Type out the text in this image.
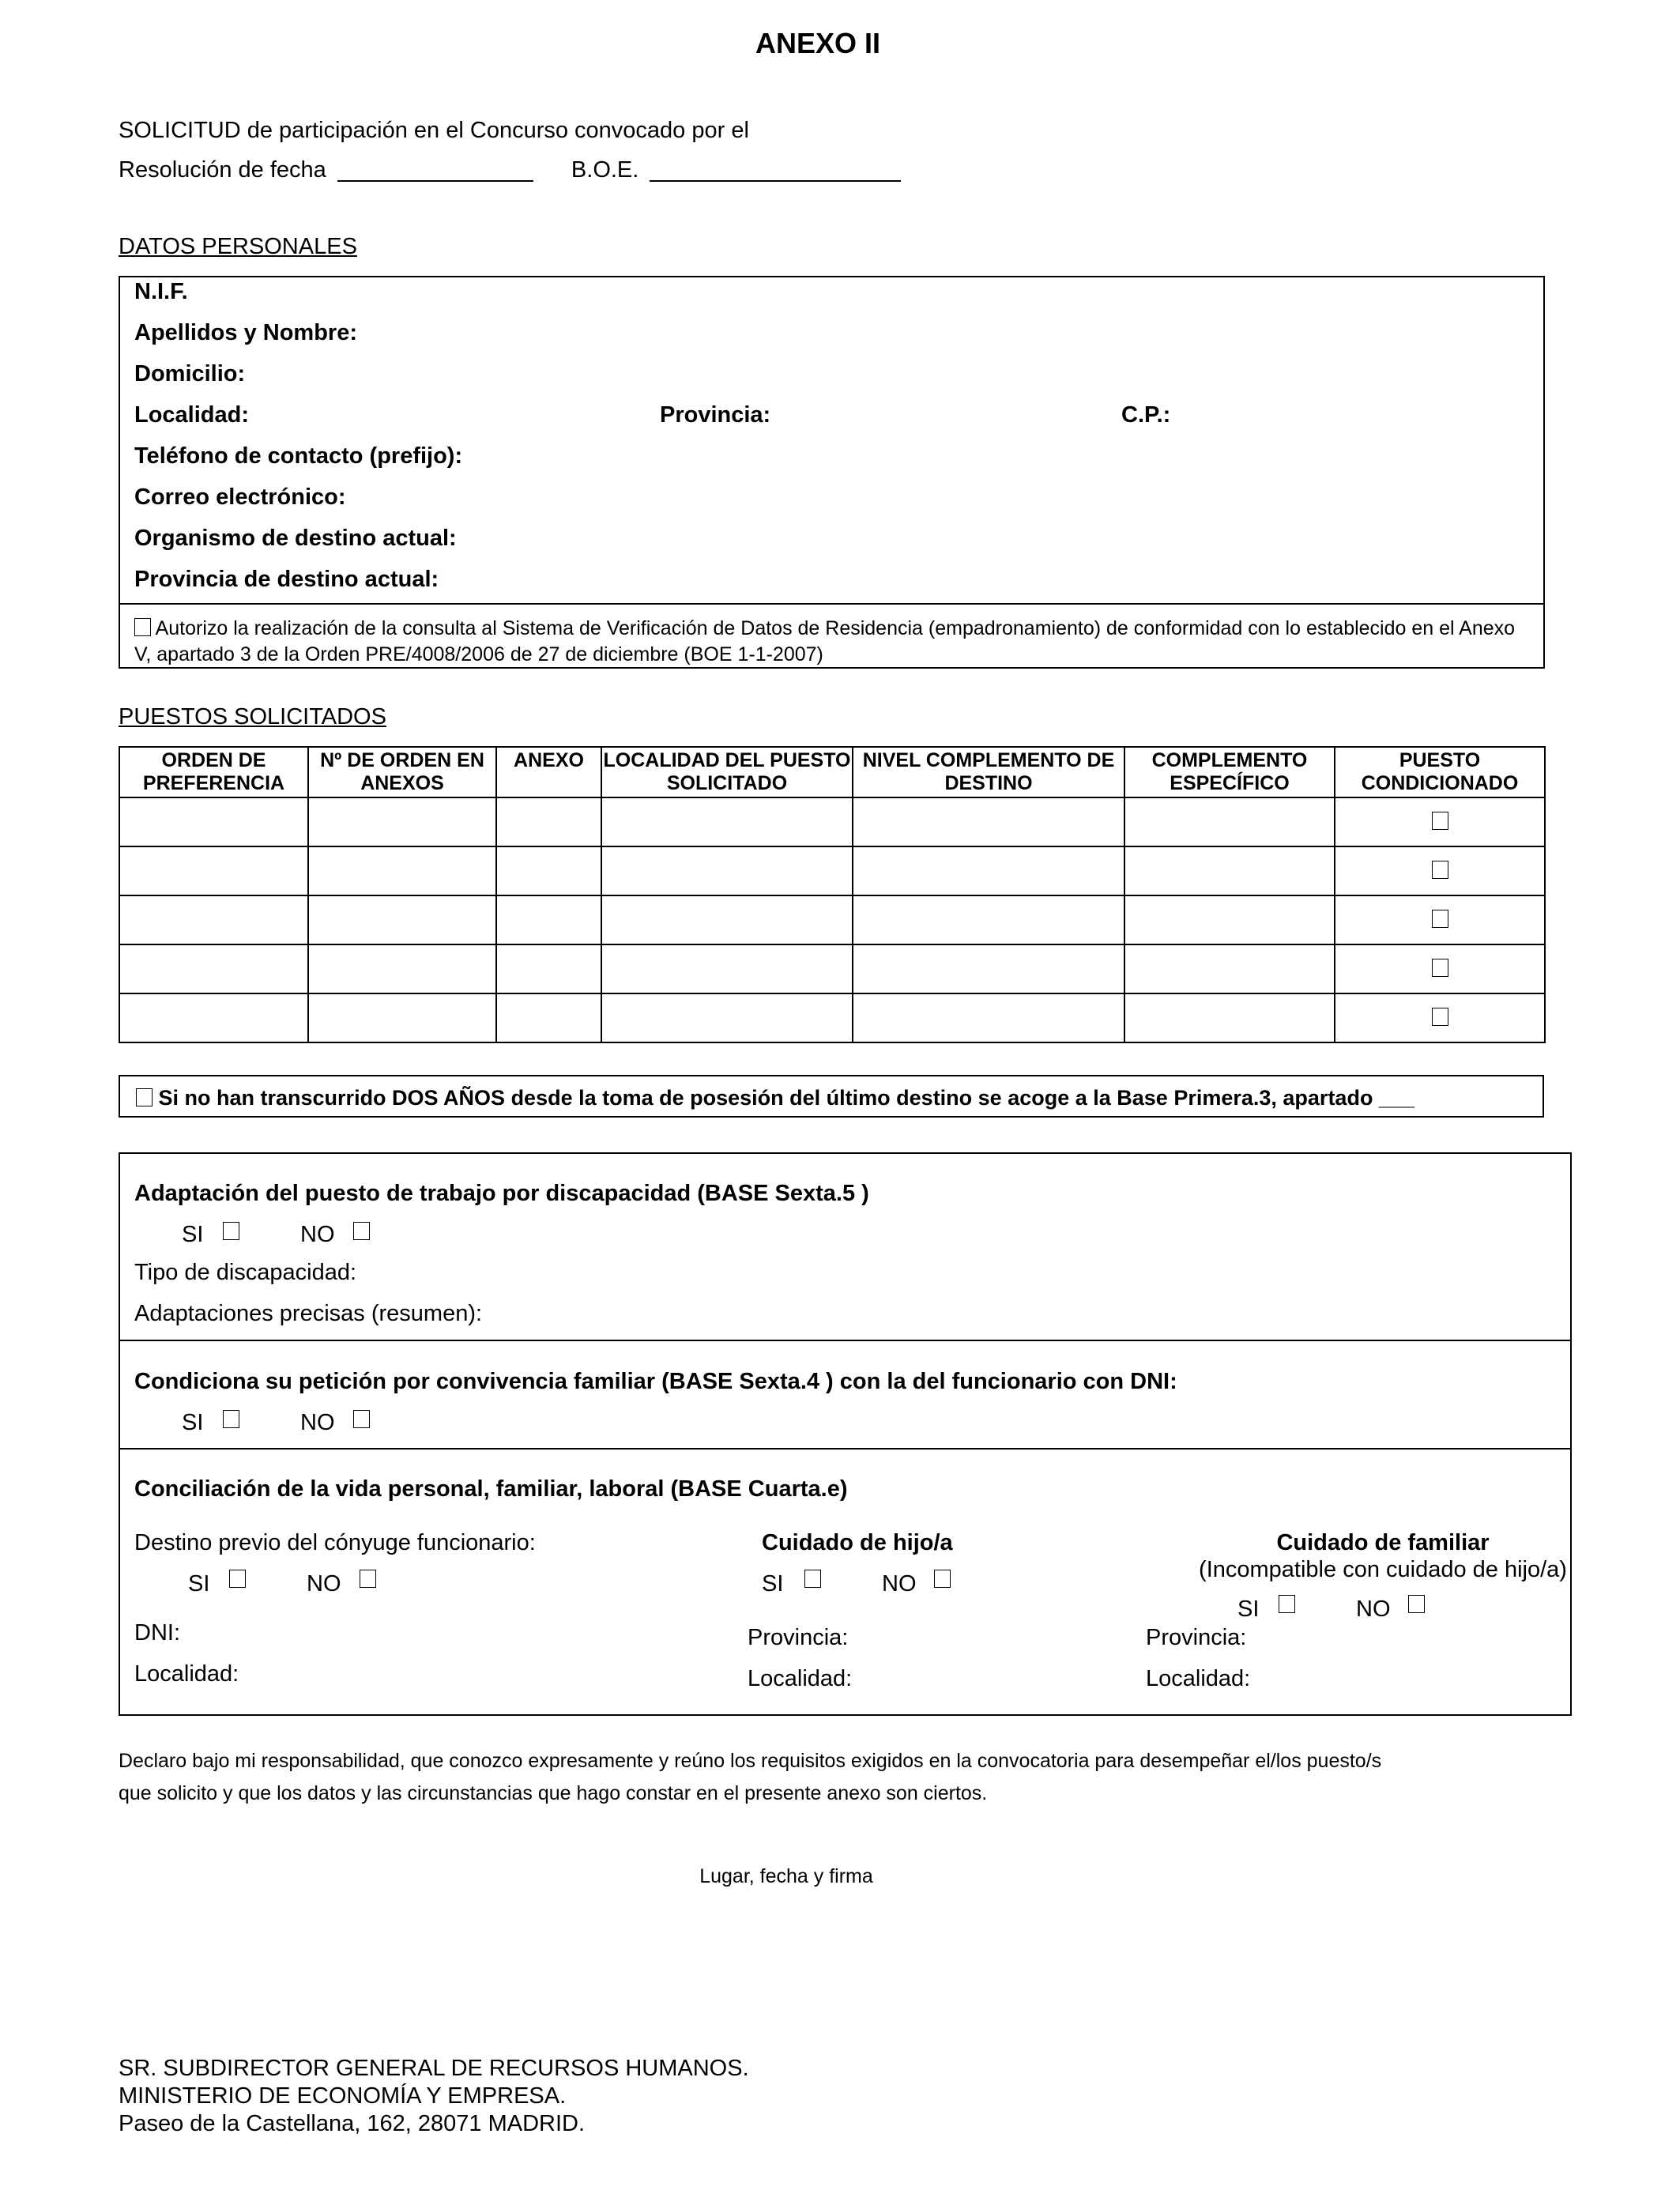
ANEXO II
SOLICITUD de participación en el Concurso convocado por el
Resolución de fecha	B.O.E.
DATOS PERSONALES
N.I.F.
Apellidos y Nombre:
Domicilio:
Localidad:	Provincia:	C.P.:
Teléfono de contacto (prefijo):
Correo electrónico:
Organismo de destino actual:
Provincia de destino actual:
Autorizo la realización de la consulta al Sistema de Verificación de Datos de Residencia (empadronamiento) de conformidad con lo establecido en el Anexo V, apartado 3 de la Orden PRE/4008/2006 de 27 de diciembre (BOE 1-1-2007)
PUESTOS SOLICITADOS
ORDEN DE PREFERENCIA	Nº DE ORDEN EN ANEXOS	ANEXO	LOCALIDAD DEL PUESTO SOLICITADO	NIVEL COMPLEMENTO DE DESTINO	COMPLEMENTO ESPECÍFICO	PUESTO CONDICIONADO

Si no han transcurrido DOS AÑOS desde la toma de posesión del último destino se acoge a la Base Primera.3, apartado ___
Adaptación del puesto de trabajo por discapacidad (BASE Sexta.5 )
SI	NO
Tipo de discapacidad:
Adaptaciones precisas (resumen):
Condiciona su petición por convivencia familiar (BASE Sexta.4 ) con la del funcionario con DNI:
SI	NO
Conciliación de la vida personal, familiar, laboral (BASE Cuarta.e)
Destino previo del cónyuge funcionario:
SI	NO
DNI:
Localidad:
Cuidado de hijo/a
SI	NO
Provincia:
Localidad:
Cuidado de familiar
(Incompatible con cuidado de hijo/a)
SI	NO
Provincia:
Localidad:
Declaro bajo mi responsabilidad, que conozco expresamente y reúno los requisitos exigidos en la convocatoria para desempeñar el/los puesto/s
que solicito y que los datos y las circunstancias que hago constar en el presente anexo son ciertos.
Lugar, fecha y firma
SR. SUBDIRECTOR GENERAL DE RECURSOS HUMANOS.
MINISTERIO DE ECONOMÍA Y EMPRESA.
Paseo de la Castellana, 162, 28071 MADRID.
